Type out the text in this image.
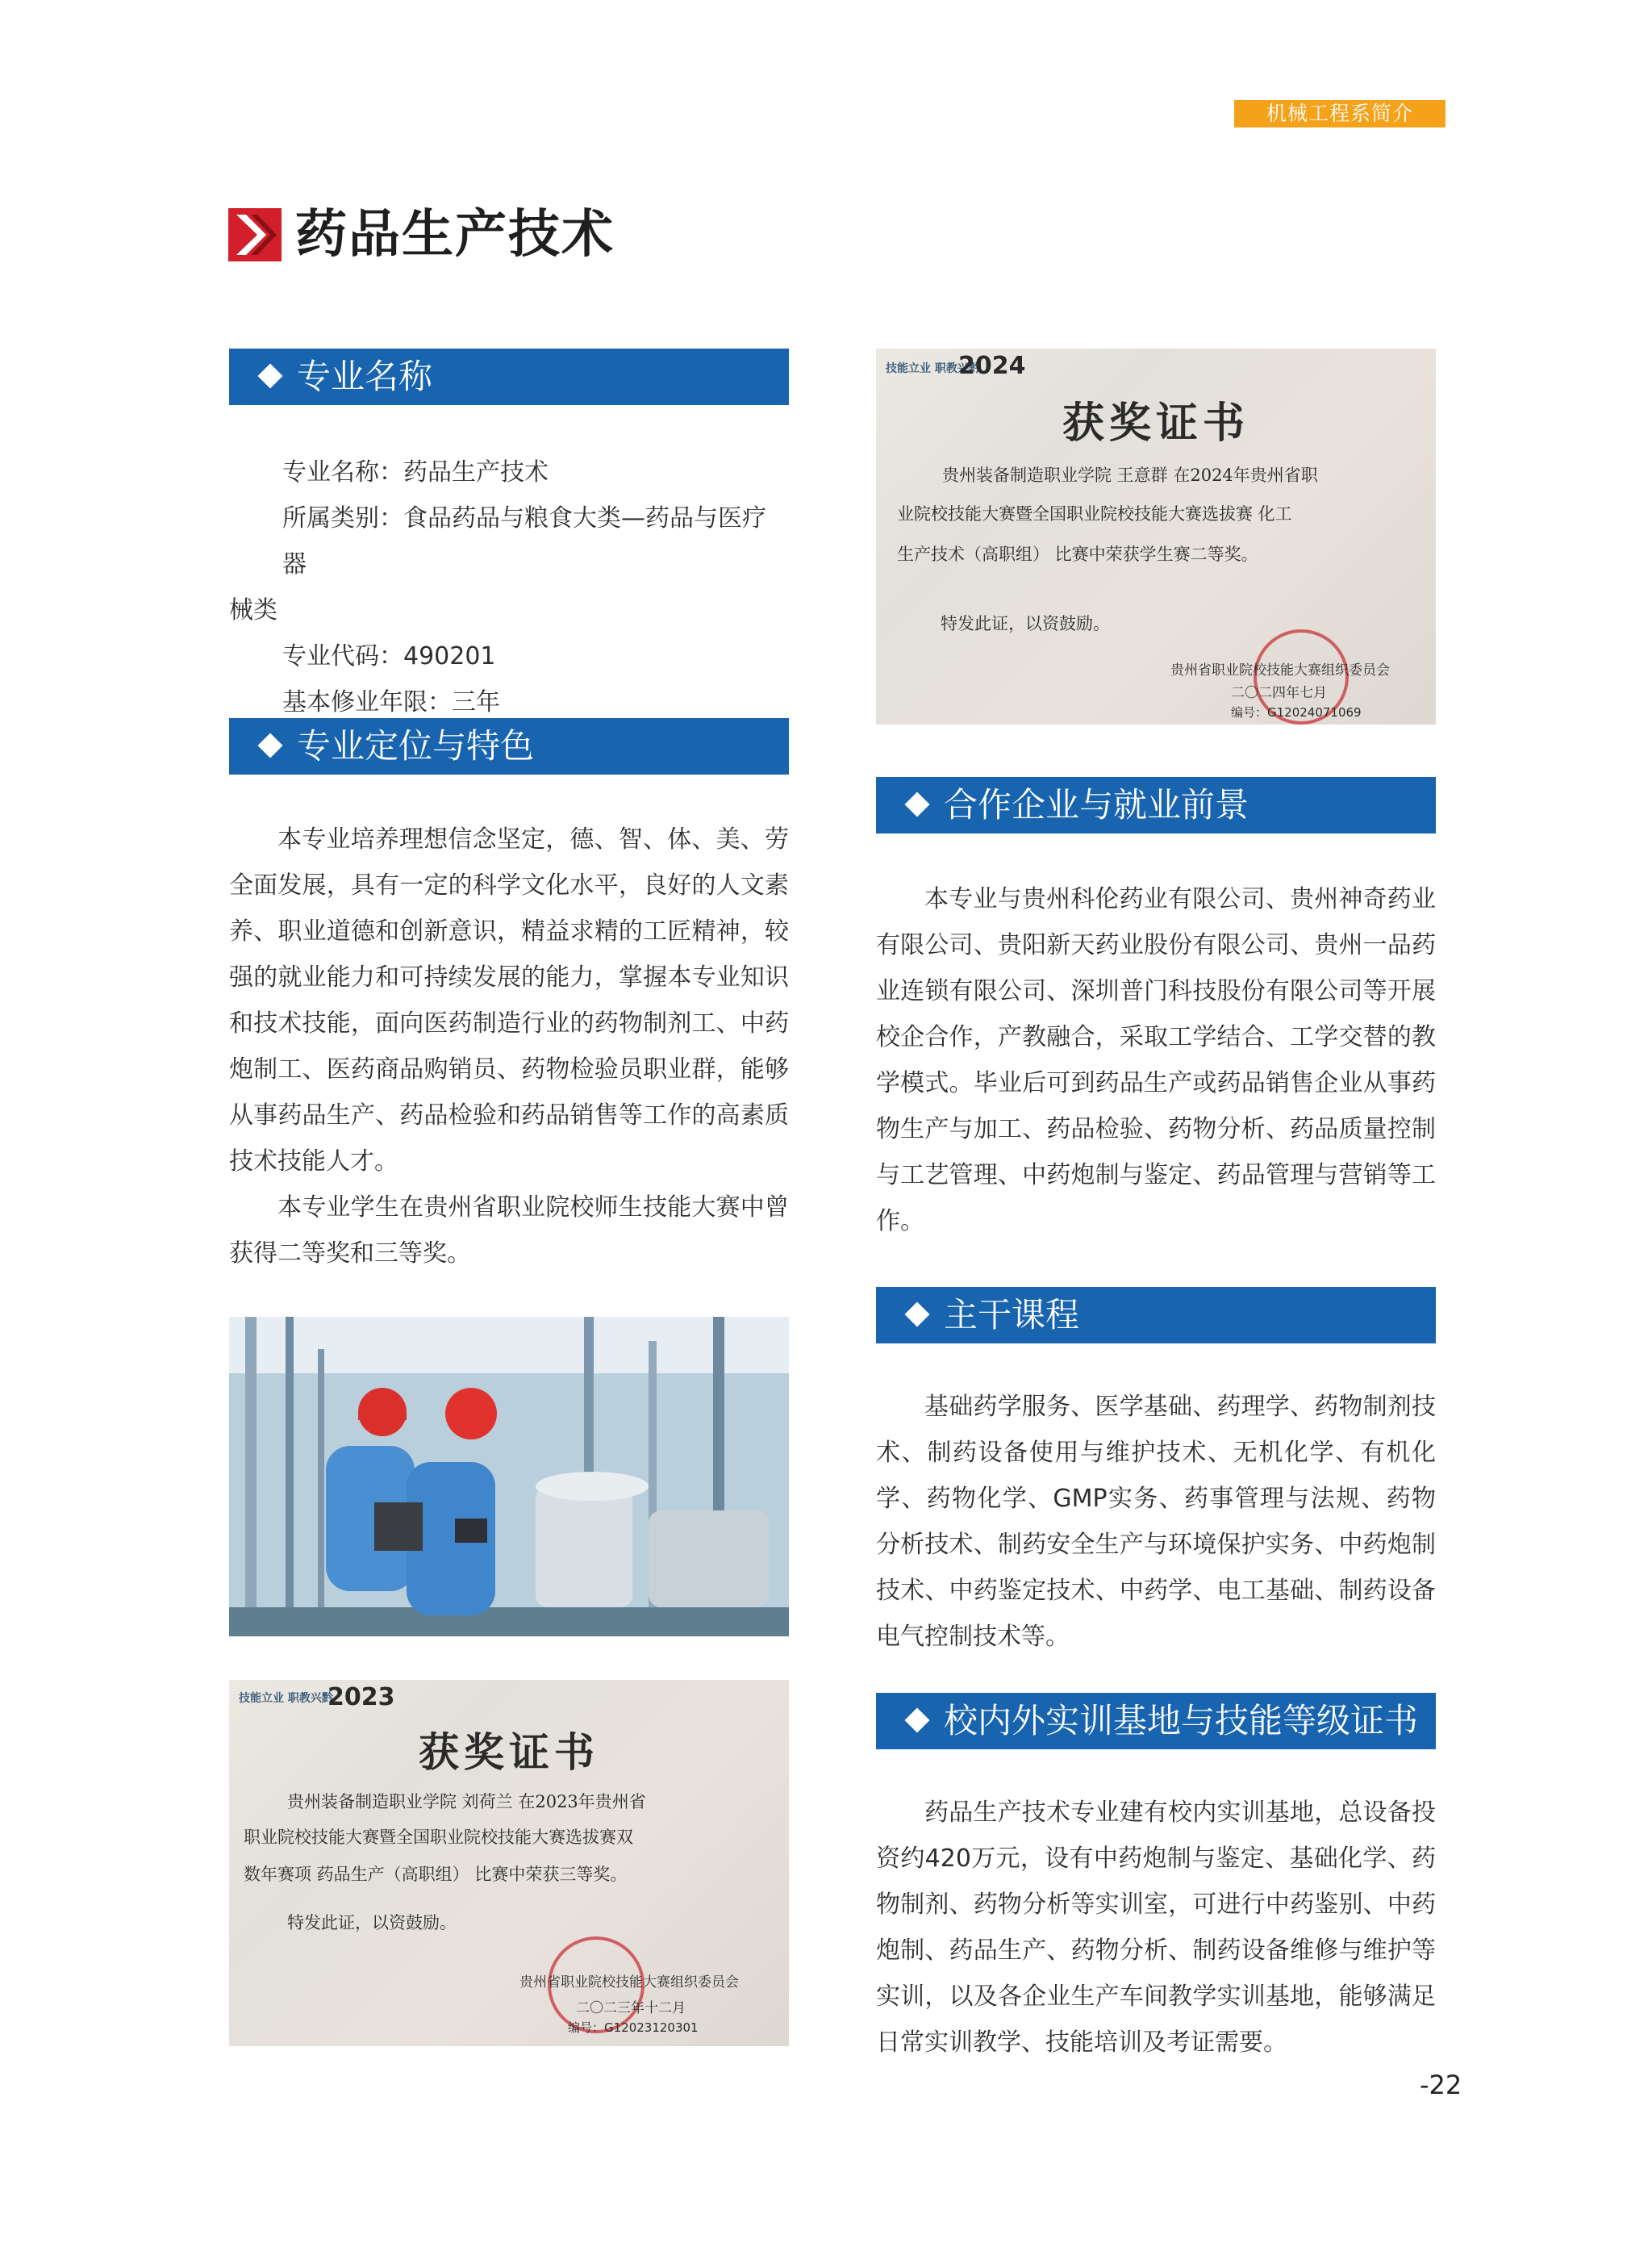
机械工程系简介
药品生产技术
专业名称
专业名称：药品生产技术
所属类别：食品药品与粮食大类—药品与医疗器
械类
专业代码：490201
基本修业年限：三年
专业定位与特色

本专业培养理想信念坚定，德、智、体、美、劳全面发展，具有一定的科学文化水平，良好的人文素养、职业道德和创新意识，精益求精的工匠精神，较强的就业能力和可持续发展的能力，掌握本专业知识和技术技能，面向医药制造行业的药物制剂工、中药炮制工、医药商品购销员、药物检验员职业群，能够从事药品生产、药品检验和药品销售等工作的高素质技术技能人才。

本专业学生在贵州省职业院校师生技能大赛中曾获得二等奖和三等奖。

技能立业 职教兴黔
2023
获奖证书
贵州装备制造职业学院 刘荷兰 在2023年贵州省
职业院校技能大赛暨全国职业院校技能大赛选拔赛双
数年赛项 药品生产（高职组） 比赛中荣获三等奖。
特发此证，以资鼓励。
贵州省职业院校技能大赛组织委员会
二〇二三年十二月
编号：G12023120301
技能立业 职教兴黔
2024
获奖证书
贵州装备制造职业学院 王意群 在2024年贵州省职
业院校技能大赛暨全国职业院校技能大赛选拔赛 化工
生产技术（高职组） 比赛中荣获学生赛二等奖。
特发此证，以资鼓励。
贵州省职业院校技能大赛组织委员会
二〇二四年七月
编号：G12024071069
合作企业与就业前景

本专业与贵州科伦药业有限公司、贵州神奇药业有限公司、贵阳新天药业股份有限公司、贵州一品药业连锁有限公司、深圳普门科技股份有限公司等开展校企合作，产教融合，采取工学结合、工学交替的教学模式。毕业后可到药品生产或药品销售企业从事药物生产与加工、药品检验、药物分析、药品质量控制与工艺管理、中药炮制与鉴定、药品管理与营销等工作。

主干课程

基础药学服务、医学基础、药理学、药物制剂技术、制药设备使用与维护技术、无机化学、有机化学、药物化学、GMP实务、药事管理与法规、药物分析技术、制药安全生产与环境保护实务、中药炮制技术、中药鉴定技术、中药学、电工基础、制药设备电气控制技术等。

校内外实训基地与技能等级证书

药品生产技术专业建有校内实训基地，总设备投资约420万元，设有中药炮制与鉴定、基础化学、药物制剂、药物分析等实训室，可进行中药鉴别、中药炮制、药品生产、药物分析、制药设备维修与维护等实训，以及各企业生产车间教学实训基地，能够满足日常实训教学、技能培训及考证需要。

-22
